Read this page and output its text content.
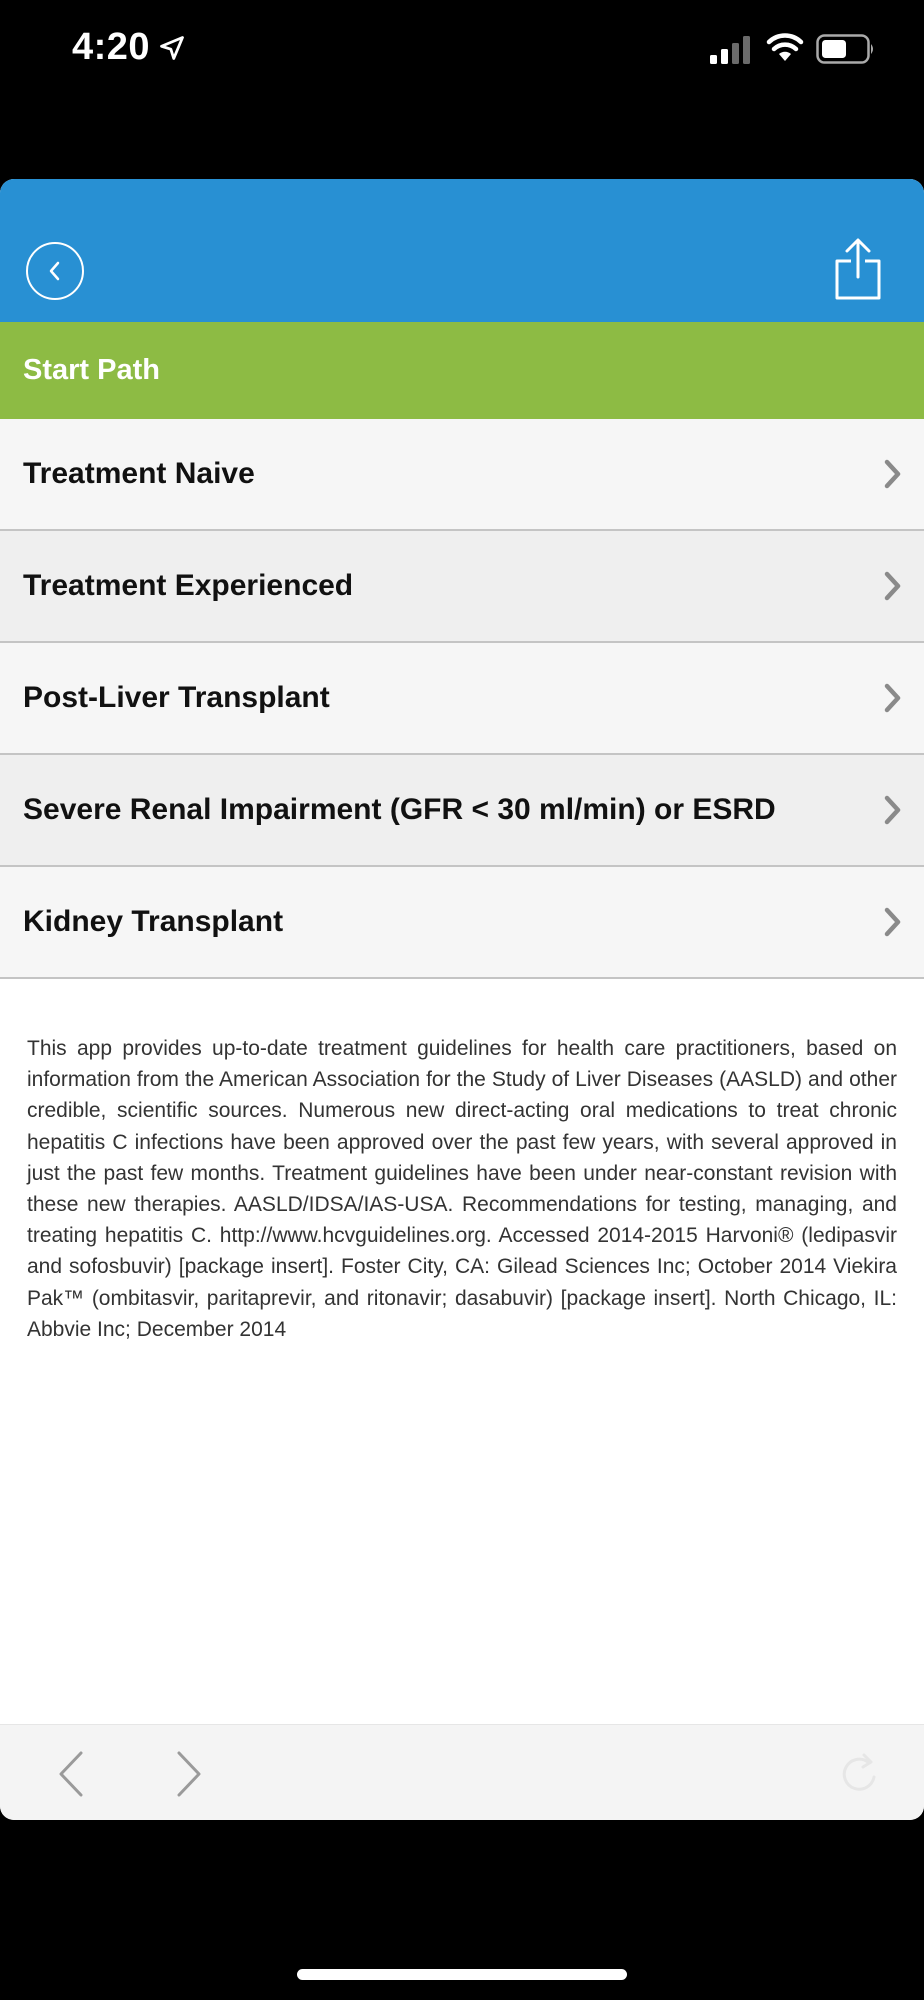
4:20
Start Path
Treatment Naive
Treatment Experienced
Post-Liver Transplant
Severe Renal Impairment (GFR < 30 ml/min) or ESRD
Kidney Transplant
This app provides up-to-date treatment guidelines for health care practitioners, based on information from the American Association for the Study of Liver Diseases (AASLD) and other credible, scientific sources. Numerous new direct-acting oral medications to treat chronic hepatitis C infections have been approved over the past few years, with several approved in just the past few months. Treatment guidelines have been under near-constant revision with these new therapies. AASLD/IDSA/IAS-USA. Recommendations for testing, managing, and treating hepatitis C. http://www.hcvguidelines.org. Accessed 2014-2015 Harvoni® (ledipasvir and sofosbuvir) [package insert]. Foster City, CA: Gilead Sciences Inc; October 2014 Viekira Pak™ (ombitasvir, paritaprevir, and ritonavir; dasabuvir) [package insert]. North Chicago, IL: Abbvie Inc; December 2014
